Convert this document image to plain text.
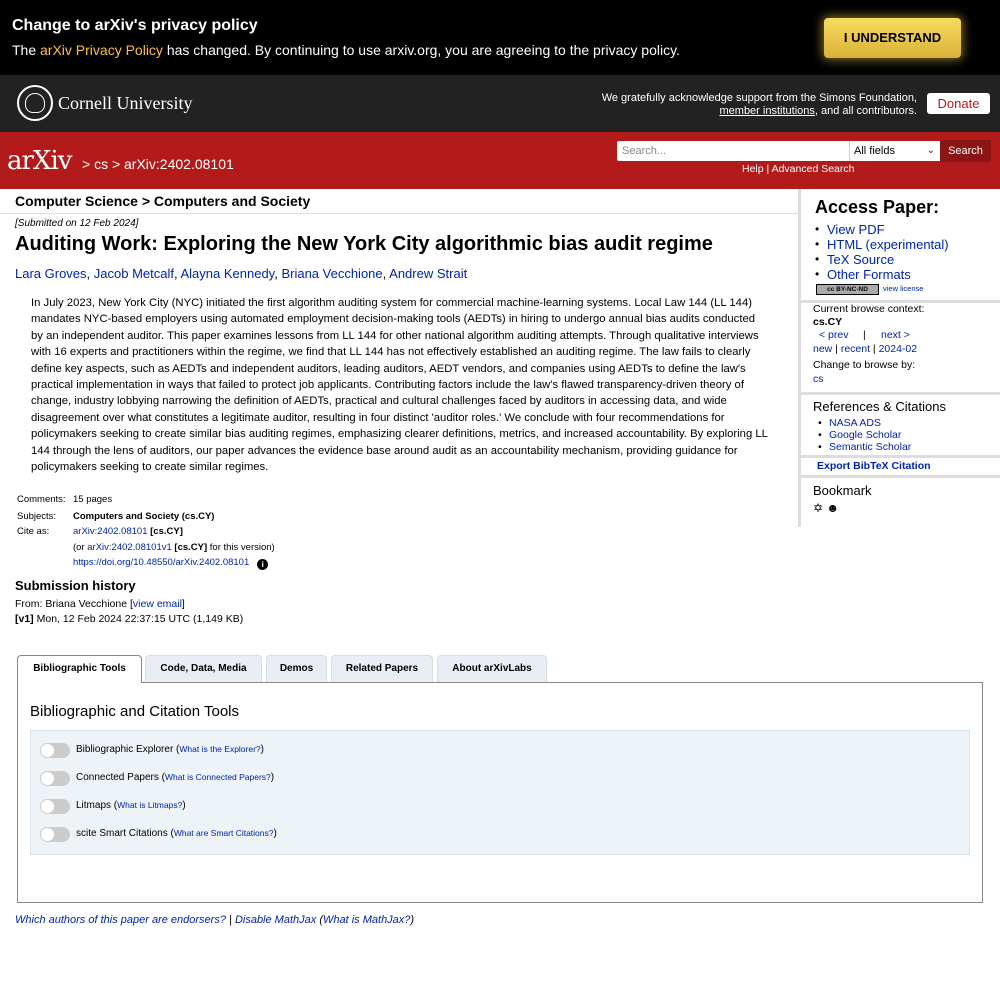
Change to arXiv's privacy policy
The arXiv Privacy Policy has changed. By continuing to use arxiv.org, you are agreeing to the privacy policy.
I UNDERSTAND
Cornell University	We gratefully acknowledge support from the Simons Foundation,
member institutions, and all contributors.	Donate
arXiv > cs > arXiv:2402.08101
Search...	All fields	⌄	Search
Help | Advanced Search
Computer Science > Computers and Society
[Submitted on 12 Feb 2024]
Auditing Work: Exploring the New York City algorithmic bias audit regime
Lara Groves, Jacob Metcalf, Alayna Kennedy, Briana Vecchione, Andrew Strait
In July 2023, New York City (NYC) initiated the first algorithm auditing system for commercial machine-learning systems. Local Law 144 (LL 144) mandates NYC-based employers using automated employment decision-making tools (AEDTs) in hiring to undergo annual bias audits conducted by an independent auditor. This paper examines lessons from LL 144 for other national algorithm auditing attempts. Through qualitative interviews with 16 experts and practitioners within the regime, we find that LL 144 has not effectively established an auditing regime. The law fails to clearly define key aspects, such as AEDTs and independent auditors, leading auditors, AEDT vendors, and companies using AEDTs to define the law's practical implementation in ways that failed to protect job applicants. Contributing factors include the law's flawed transparency-driven theory of change, industry lobbying narrowing the definition of AEDTs, practical and cultural challenges faced by auditors in accessing data, and wide disagreement over what constitutes a legitimate auditor, resulting in four distinct 'auditor roles.' We conclude with four recommendations for policymakers seeking to create similar bias auditing regimes, emphasizing clearer definitions, metrics, and increased accountability. By exploring LL 144 through the lens of auditors, our paper advances the evidence base around audit as an accountability mechanism, providing guidance for policymakers seeking to create similar regimes.
Comments: 15 pages
Subjects: Computers and Society (cs.CY)
Cite as:	arXiv:2402.08101 [cs.CY]
(or arXiv:2402.08101v1 [cs.CY] for this version)
https://doi.org/10.48550/arXiv.2402.08101 i
Submission history
From: Briana Vecchione [view email]
[v1] Mon, 12 Feb 2024 22:37:15 UTC (1,149 KB)
Bibliographic Tools	Code, Data, Media	Demos	Related Papers	About arXivLabs
Bibliographic and Citation Tools
Bibliographic Explorer (What is the Explorer?)
Connected Papers (What is Connected Papers?)
Litmaps (What is Litmaps?)
scite Smart Citations (What are Smart Citations?)
Which authors of this paper are endorsers? | Disable MathJax (What is MathJax?)
Access Paper:
• View PDF
• HTML (experimental)
• TeX Source
• Other Formats
cc BY-NC-ND	view license
Current browse context:
cs.CY
< prev | next >
new | recent | 2024-02
Change to browse by:
cs
References & Citations
• NASA ADS
• Google Scholar
• Semantic Scholar
Export BibTeX Citation
Bookmark
✡ ☻
